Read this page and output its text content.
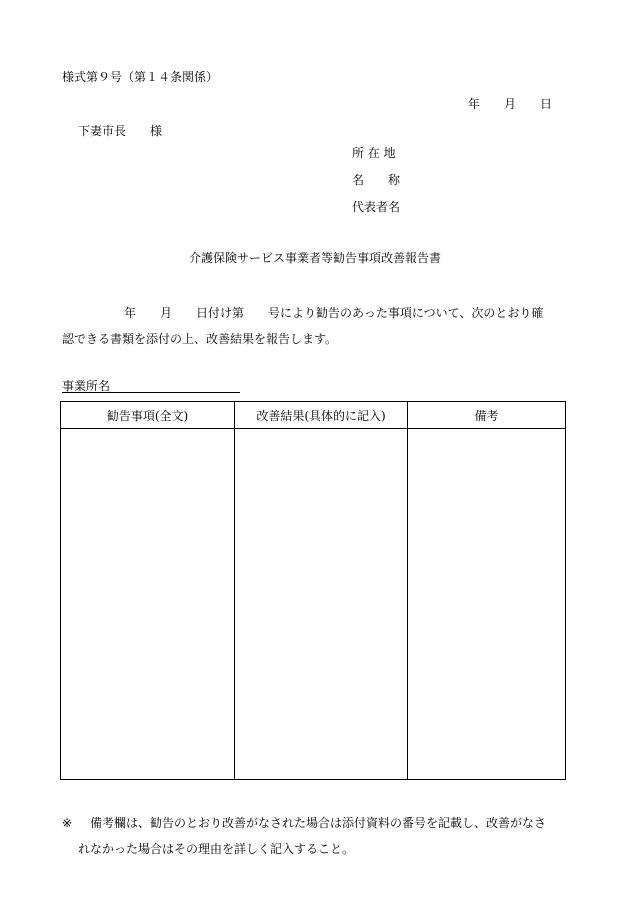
様式第９号（第１４条関係）
年　　月　　日
下妻市長　　様
所 在 地
名　　称
代表者名
介護保険サービス事業者等勧告事項改善報告書
年　　月　　日付け第　　号により勧告のあった事項について、次のとおり確
認できる書類を添付の上、改善結果を報告します。
事業所名
勧告事項(全文)	改善結果(具体的に記入)	備考

※ 備考欄は、勧告のとおり改善がなされた場合は添付資料の番号を記載し、改善がなさ
れなかった場合はその理由を詳しく記入すること。
